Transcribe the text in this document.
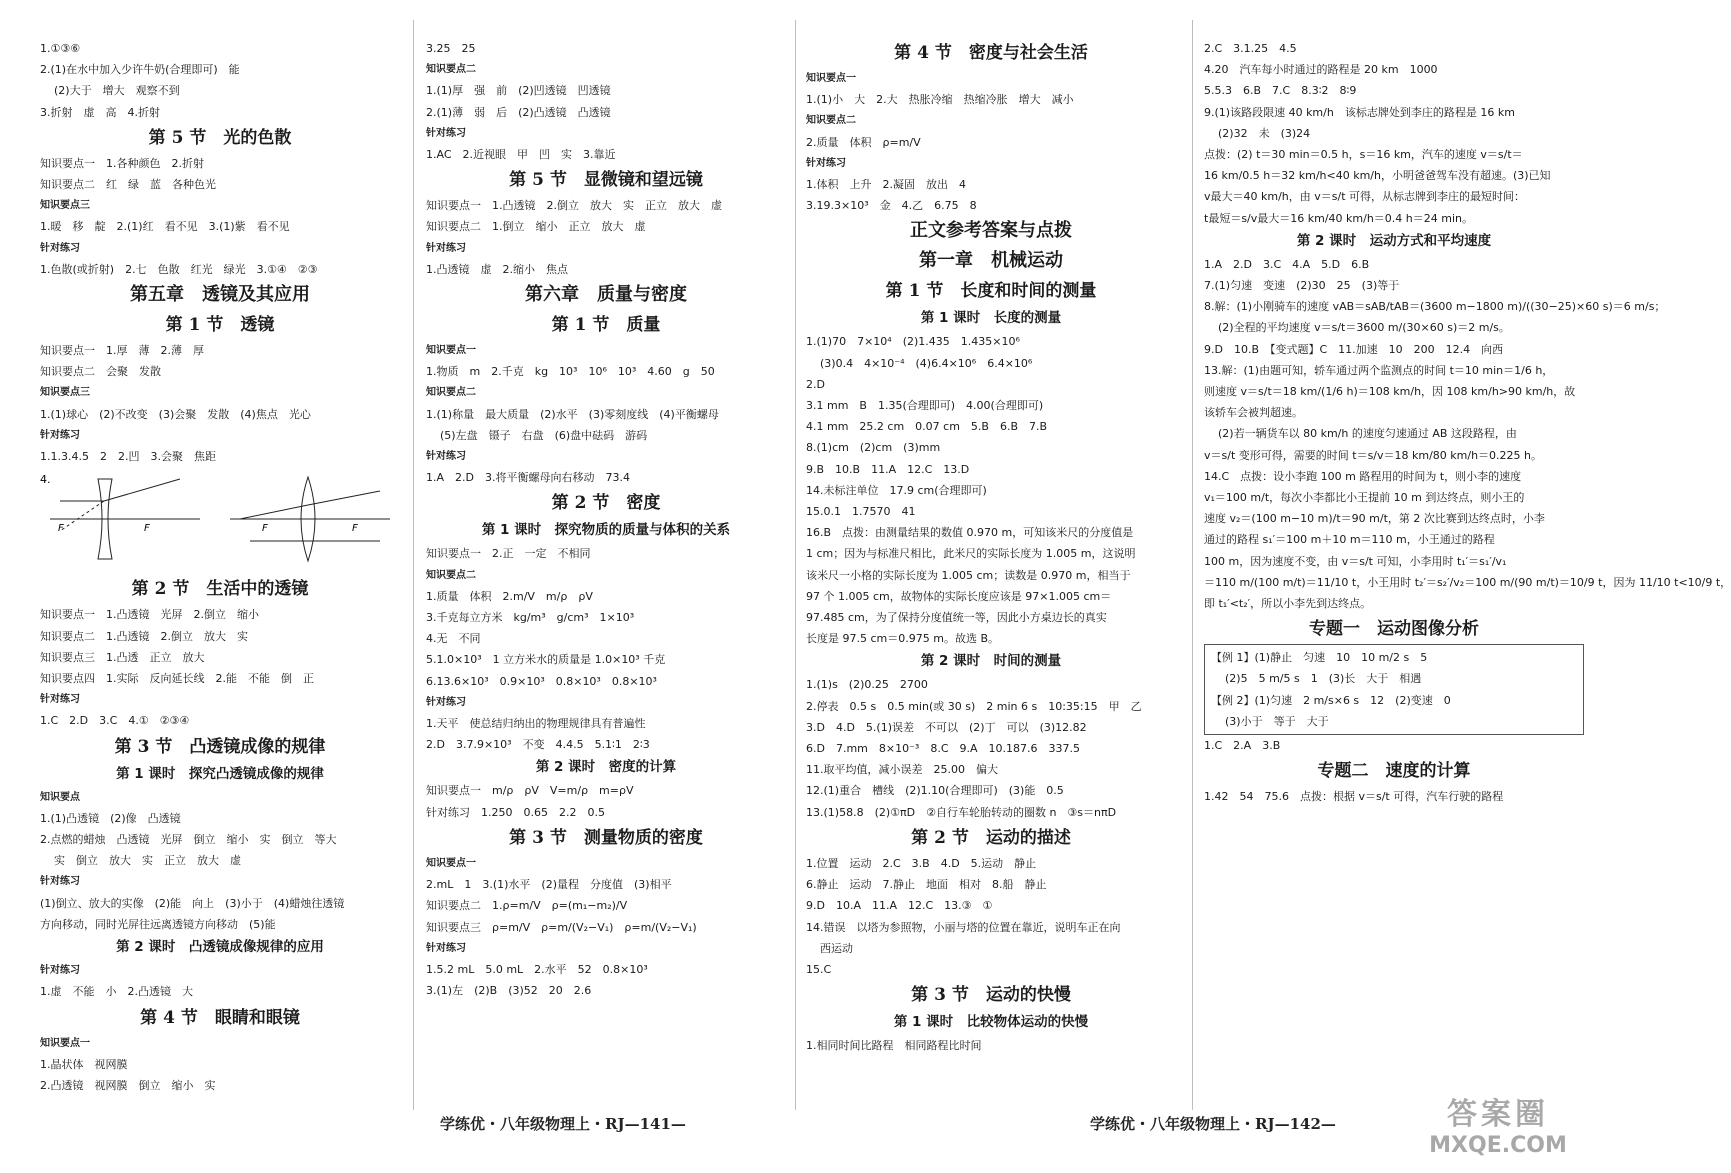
1.①③⑥

2.(1)在水中加入少许牛奶(合理即可)　能

(2)大于　增大　观察不到

3.折射　虚　高　4.折射

第 5 节　光的色散

知识要点一　1.各种颜色　2.折射

知识要点二　红　绿　蓝　各种色光

知识要点三

1.暖　移　靛　2.(1)红　看不见　3.(1)紫　看不见

针对练习

1.色散(或折射)　2.七　色散　红光　绿光　3.①④　②③

第五章　透镜及其应用

第 1 节　透镜

知识要点一　1.厚　薄　2.薄　厚

知识要点二　会聚　发散

知识要点三

1.(1)球心　(2)不改变　(3)会聚　发散　(4)焦点　光心

针对练习

1.1.3.4.5　2　2.凹　3.会聚　焦距

4.
F
F	F	F

第 2 节　生活中的透镜

知识要点一　1.凸透镜　光屏　2.倒立　缩小

知识要点二　1.凸透镜　2.倒立　放大　实

知识要点三　1.凸透　正立　放大

知识要点四　1.实际　反向延长线　2.能　不能　倒　正

针对练习

1.C　2.D　3.C　4.①　②③④

第 3 节　凸透镜成像的规律

第 1 课时　探究凸透镜成像的规律

知识要点

1.(1)凸透镜　(2)像　凸透镜

2.点燃的蜡烛　凸透镜　光屏　倒立　缩小　实　倒立　等大

实　倒立　放大　实　正立　放大　虚

针对练习

(1)倒立、放大的实像　(2)能　向上　(3)小于　(4)蜡烛往透镜

方向移动，同时光屏往远离透镜方向移动　(5)能

第 2 课时　凸透镜成像规律的应用

针对练习

1.虚　不能　小　2.凸透镜　大

第 4 节　眼睛和眼镜

知识要点一

1.晶状体　视网膜

2.凸透镜　视网膜　倒立　缩小　实

3.25　25

知识要点二

1.(1)厚　强　前　(2)凹透镜　凹透镜

2.(1)薄　弱　后　(2)凸透镜　凸透镜

针对练习

1.AC　2.近视眼　甲　凹　实　3.靠近

第 5 节　显微镜和望远镜

知识要点一　1.凸透镜　2.倒立　放大　实　正立　放大　虚

知识要点二　1.倒立　缩小　正立　放大　虚

针对练习

1.凸透镜　虚　2.缩小　焦点

第六章　质量与密度

第 1 节　质量

知识要点一

1.物质　m　2.千克　kg　10³　10⁶　10³　4.60　g　50

知识要点二

1.(1)称量　最大质量　(2)水平　(3)零刻度线　(4)平衡螺母

(5)左盘　镊子　右盘　(6)盘中砝码　游码

针对练习

1.A　2.D　3.将平衡螺母向右移动　73.4

第 2 节　密度

第 1 课时　探究物质的质量与体积的关系

知识要点一　2.正　一定　不相同

知识要点二

1.质量　体积　2.m/V　m/ρ　ρV

3.千克每立方米　kg/m³　g/cm³　1×10³

4.无　不同

5.1.0×10³　1 立方米水的质量是 1.0×10³ 千克

6.13.6×10³　0.9×10³　0.8×10³　0.8×10³

针对练习

1.天平　使总结归纳出的物理规律具有普遍性

2.D　3.7.9×10³　不变　4.4.5　5.1∶1　2∶3

第 2 课时　密度的计算

知识要点一　m/ρ　ρV　V=m/ρ　m=ρV

针对练习　1.250　0.65　2.2　0.5

第 3 节　测量物质的密度

知识要点一

2.mL　1　3.(1)水平　(2)量程　分度值　(3)相平

知识要点二　1.ρ=m/V　ρ=(m₁−m₂)/V

知识要点三　ρ=m/V　ρ=m/(V₂−V₁)　ρ=m/(V₂−V₁)

针对练习

1.5.2 mL　5.0 mL　2.水平　52　0.8×10³

3.(1)左　(2)B　(3)52　20　2.6

第 4 节　密度与社会生活

知识要点一

1.(1)小　大　2.大　热胀冷缩　热缩冷胀　增大　减小

知识要点二

2.质量　体积　ρ=m/V

针对练习

1.体积　上升　2.凝固　放出　4

3.19.3×10³　金　4.乙　6.75　8

正文参考答案与点拨

第一章　机械运动

第 1 节　长度和时间的测量

第 1 课时　长度的测量

1.(1)70　7×10⁴　(2)1.435　1.435×10⁶

(3)0.4　4×10⁻⁴　(4)6.4×10⁶　6.4×10⁶

2.D

3.1 mm　B　1.35(合理即可)　4.00(合理即可)

4.1 mm　25.2 cm　0.07 cm　5.B　6.B　7.B

8.(1)cm　(2)cm　(3)mm

9.B　10.B　11.A　12.C　13.D

14.未标注单位　17.9 cm(合理即可)

15.0.1　1.7570　41

16.B　点拨：由测量结果的数值 0.970 m，可知该米尺的分度值是

1 cm；因为与标准尺相比，此米尺的实际长度为 1.005 m，这说明

该米尺一小格的实际长度为 1.005 cm；读数是 0.970 m，相当于

97 个 1.005 cm，故物体的实际长度应该是 97×1.005 cm＝

97.485 cm，为了保持分度值统一等，因此小方桌边长的真实

长度是 97.5 cm＝0.975 m。故选 B。

第 2 课时　时间的测量

1.(1)s　(2)0.25　2700

2.停表　0.5 s　0.5 min(或 30 s)　2 min 6 s　10:35:15　甲　乙

3.D　4.D　5.(1)误差　不可以　(2)丁　可以　(3)12.82

6.D　7.mm　8×10⁻³　8.C　9.A　10.187.6　337.5

11.取平均值，减小误差　25.00　偏大

12.(1)重合　槽线　(2)1.10(合理即可)　(3)能　0.5

13.(1)58.8　(2)①πD　②自行车轮胎转动的圈数 n　③s＝nπD

第 2 节　运动的描述

1.位置　运动　2.C　3.B　4.D　5.运动　静止

6.静止　运动　7.静止　地面　相对　8.船　静止

9.D　10.A　11.A　12.C　13.③　①

14.错误　以塔为参照物，小丽与塔的位置在靠近，说明车正在向

西运动

15.C

第 3 节　运动的快慢

第 1 课时　比较物体运动的快慢

1.相同时间比路程　相同路程比时间

2.C　3.1.25　4.5

4.20　汽车每小时通过的路程是 20 km　1000

5.5.3　6.B　7.C　8.3∶2　8∶9

9.(1)该路段限速 40 km/h　该标志牌处到李庄的路程是 16 km

(2)32　未　(3)24

点拨：(2) t＝30 min＝0.5 h，s＝16 km，汽车的速度 v＝s/t＝

16 km/0.5 h＝32 km/h<40 km/h，小明爸爸驾车没有超速。(3)已知

v最大＝40 km/h，由 v＝s/t 可得，从标志牌到李庄的最短时间：

t最短＝s/v最大＝16 km/40 km/h＝0.4 h＝24 min。

第 2 课时　运动方式和平均速度

1.A　2.D　3.C　4.A　5.D　6.B

7.(1)匀速　变速　(2)30　25　(3)等于

8.解：(1)小刚骑车的速度 vAB＝sAB/tAB＝(3600 m−1800 m)/((30−25)×60 s)＝6 m/s；

(2)全程的平均速度 v＝s/t＝3600 m/(30×60 s)＝2 m/s。

9.D　10.B　【变式题】C　11.加速　10　200　12.4　向西

13.解：(1)由题可知，轿车通过两个监测点的时间 t＝10 min＝1/6 h，

则速度 v＝s/t＝18 km/(1/6 h)＝108 km/h，因 108 km/h>90 km/h，故

该轿车会被判超速。

(2)若一辆货车以 80 km/h 的速度匀速通过 AB 这段路程，由

v＝s/t 变形可得，需要的时间 t＝s/v＝18 km/80 km/h＝0.225 h。

14.C　点拨：设小李跑 100 m 路程用的时间为 t，则小李的速度

v₁＝100 m/t，每次小李都比小王提前 10 m 到达终点，则小王的

速度 v₂＝(100 m−10 m)/t＝90 m/t，第 2 次比赛到达终点时，小李

通过的路程 s₁′＝100 m＋10 m＝110 m，小王通过的路程

100 m，因为速度不变，由 v＝s/t 可知，小李用时 t₁′＝s₁′/v₁

＝110 m/(100 m/t)＝11/10 t，小王用时 t₂′＝s₂′/v₂＝100 m/(90 m/t)＝10/9 t，因为 11/10 t<10/9 t，

即 t₁′<t₂′，所以小李先到达终点。

专题一　运动图像分析

【例 1】(1)静止　匀速　10　10 m/2 s　5

(2)5　5 m/5 s　1　(3)长　大于　相遇

【例 2】(1)匀速　2 m/s×6 s　12　(2)变速　0

(3)小于　等于　大于

1.C　2.A　3.B

专题二　速度的计算

1.42　54　75.6　点拨：根据 v＝s/t 可得，汽车行驶的路程

学练优・八年级物理上・RJ—141—	学练优・八年级物理上・RJ—142—	答案圈
MXQE.COM
